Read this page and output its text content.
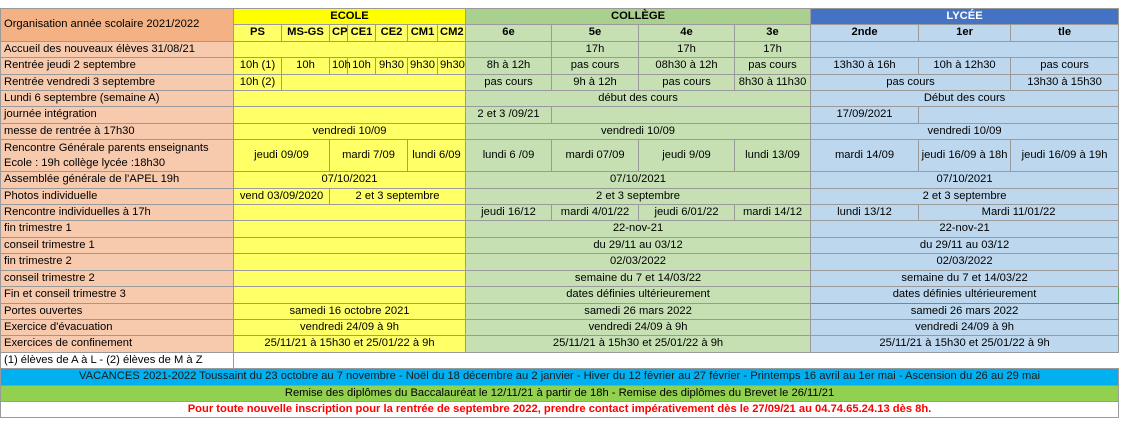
Organisation année scolaire 2021/2022	ECOLE							COLLÈGE				LYCÉE		
	PS	MS-GS	CP	CE1	CE2	CM1	CM2	6e	5e	4e	3e	2nde	1er	tle
Accueil des nouveaux élèves 31/08/21									17h	17h	17h			
Rentrée jeudi 2 septembre	10h (1)	10h	10h	10h	9h30	9h30	9h30	8h à 12h	pas cours	08h30 à 12h	pas cours	13h30 à 16h	10h à 12h30	pas cours
Rentrée vendredi 3 septembre	10h (2)							pas cours	9h à 12h	pas cours	8h30 à 11h30	pas cours		13h30 à 15h30
Lundi 6 septembre (semaine A)								début des cours				Début des cours		
journée intégration								2 et 3 /09/21				17/09/2021		
messe de rentrée à 17h30	vendredi 10/09							vendredi 10/09				vendredi 10/09		

Rencontre Générale parents enseignants
Ecole : 19h collège lycée :18h30	jeudi 09/09		mardi 7/09			lundi 6/09		lundi 6 /09	mardi 07/09	jeudi 9/09	lundi 13/09	mardi 14/09	jeudi 16/09 à 18h	jeudi 16/09 à 19h
Assemblée générale de l'APEL 19h	07/10/2021							07/10/2021				07/10/2021		
Photos individuelle	vend 03/09/2020		2 et 3 septembre					2 et 3 septembre				2 et 3 septembre		
Rencontre individuelles à 17h								jeudi 16/12	mardi 4/01/22	jeudi 6/01/22	mardi 14/12	lundi 13/12	Mardi 11/01/22	
fin trimestre 1								22-nov-21				22-nov-21		
conseil trimestre 1								du 29/11 au 03/12				du 29/11 au 03/12		
fin trimestre 2								02/03/2022				02/03/2022		
conseil trimestre 2								semaine du 7 et 14/03/22				semaine du 7 et 14/03/22		
Fin et conseil trimestre 3								dates définies ultérieurement				dates définies ultérieurement		
Portes ouvertes	samedi 16 octobre 2021							samedi 26 mars 2022				samedi 26 mars 2022		
Exercice d'évacuation	vendredi 24/09 à 9h							vendredi 24/09 à 9h				vendredi 24/09 à 9h		
Exercices de confinement	25/11/21 à 15h30 et 25/01/22 à 9h							25/11/21 à 15h30 et 25/01/22 à 9h				25/11/21 à 15h30 et 25/01/22 à 9h		
(1) élèves de A à L - (2) élèves de M à Z														
VACANCES 2021-2022 Toussaint du 23 octobre au 7 novembre - Noël du 18 décembre au 2 janvier - Hiver du 12 février au 27 février - Printemps 16 avril au 1er mai - Ascension du 26 au 29 mai														
Remise des diplômes du Baccalauréat le 12/11/21 à partir de 18h - Remise des diplômes du Brevet le 26/11/21														
Pour toute nouvelle inscription pour la rentrée de septembre 2022, prendre contact impérativement dès le 27/09/21 au 04.74.65.24.13 dès 8h.														
